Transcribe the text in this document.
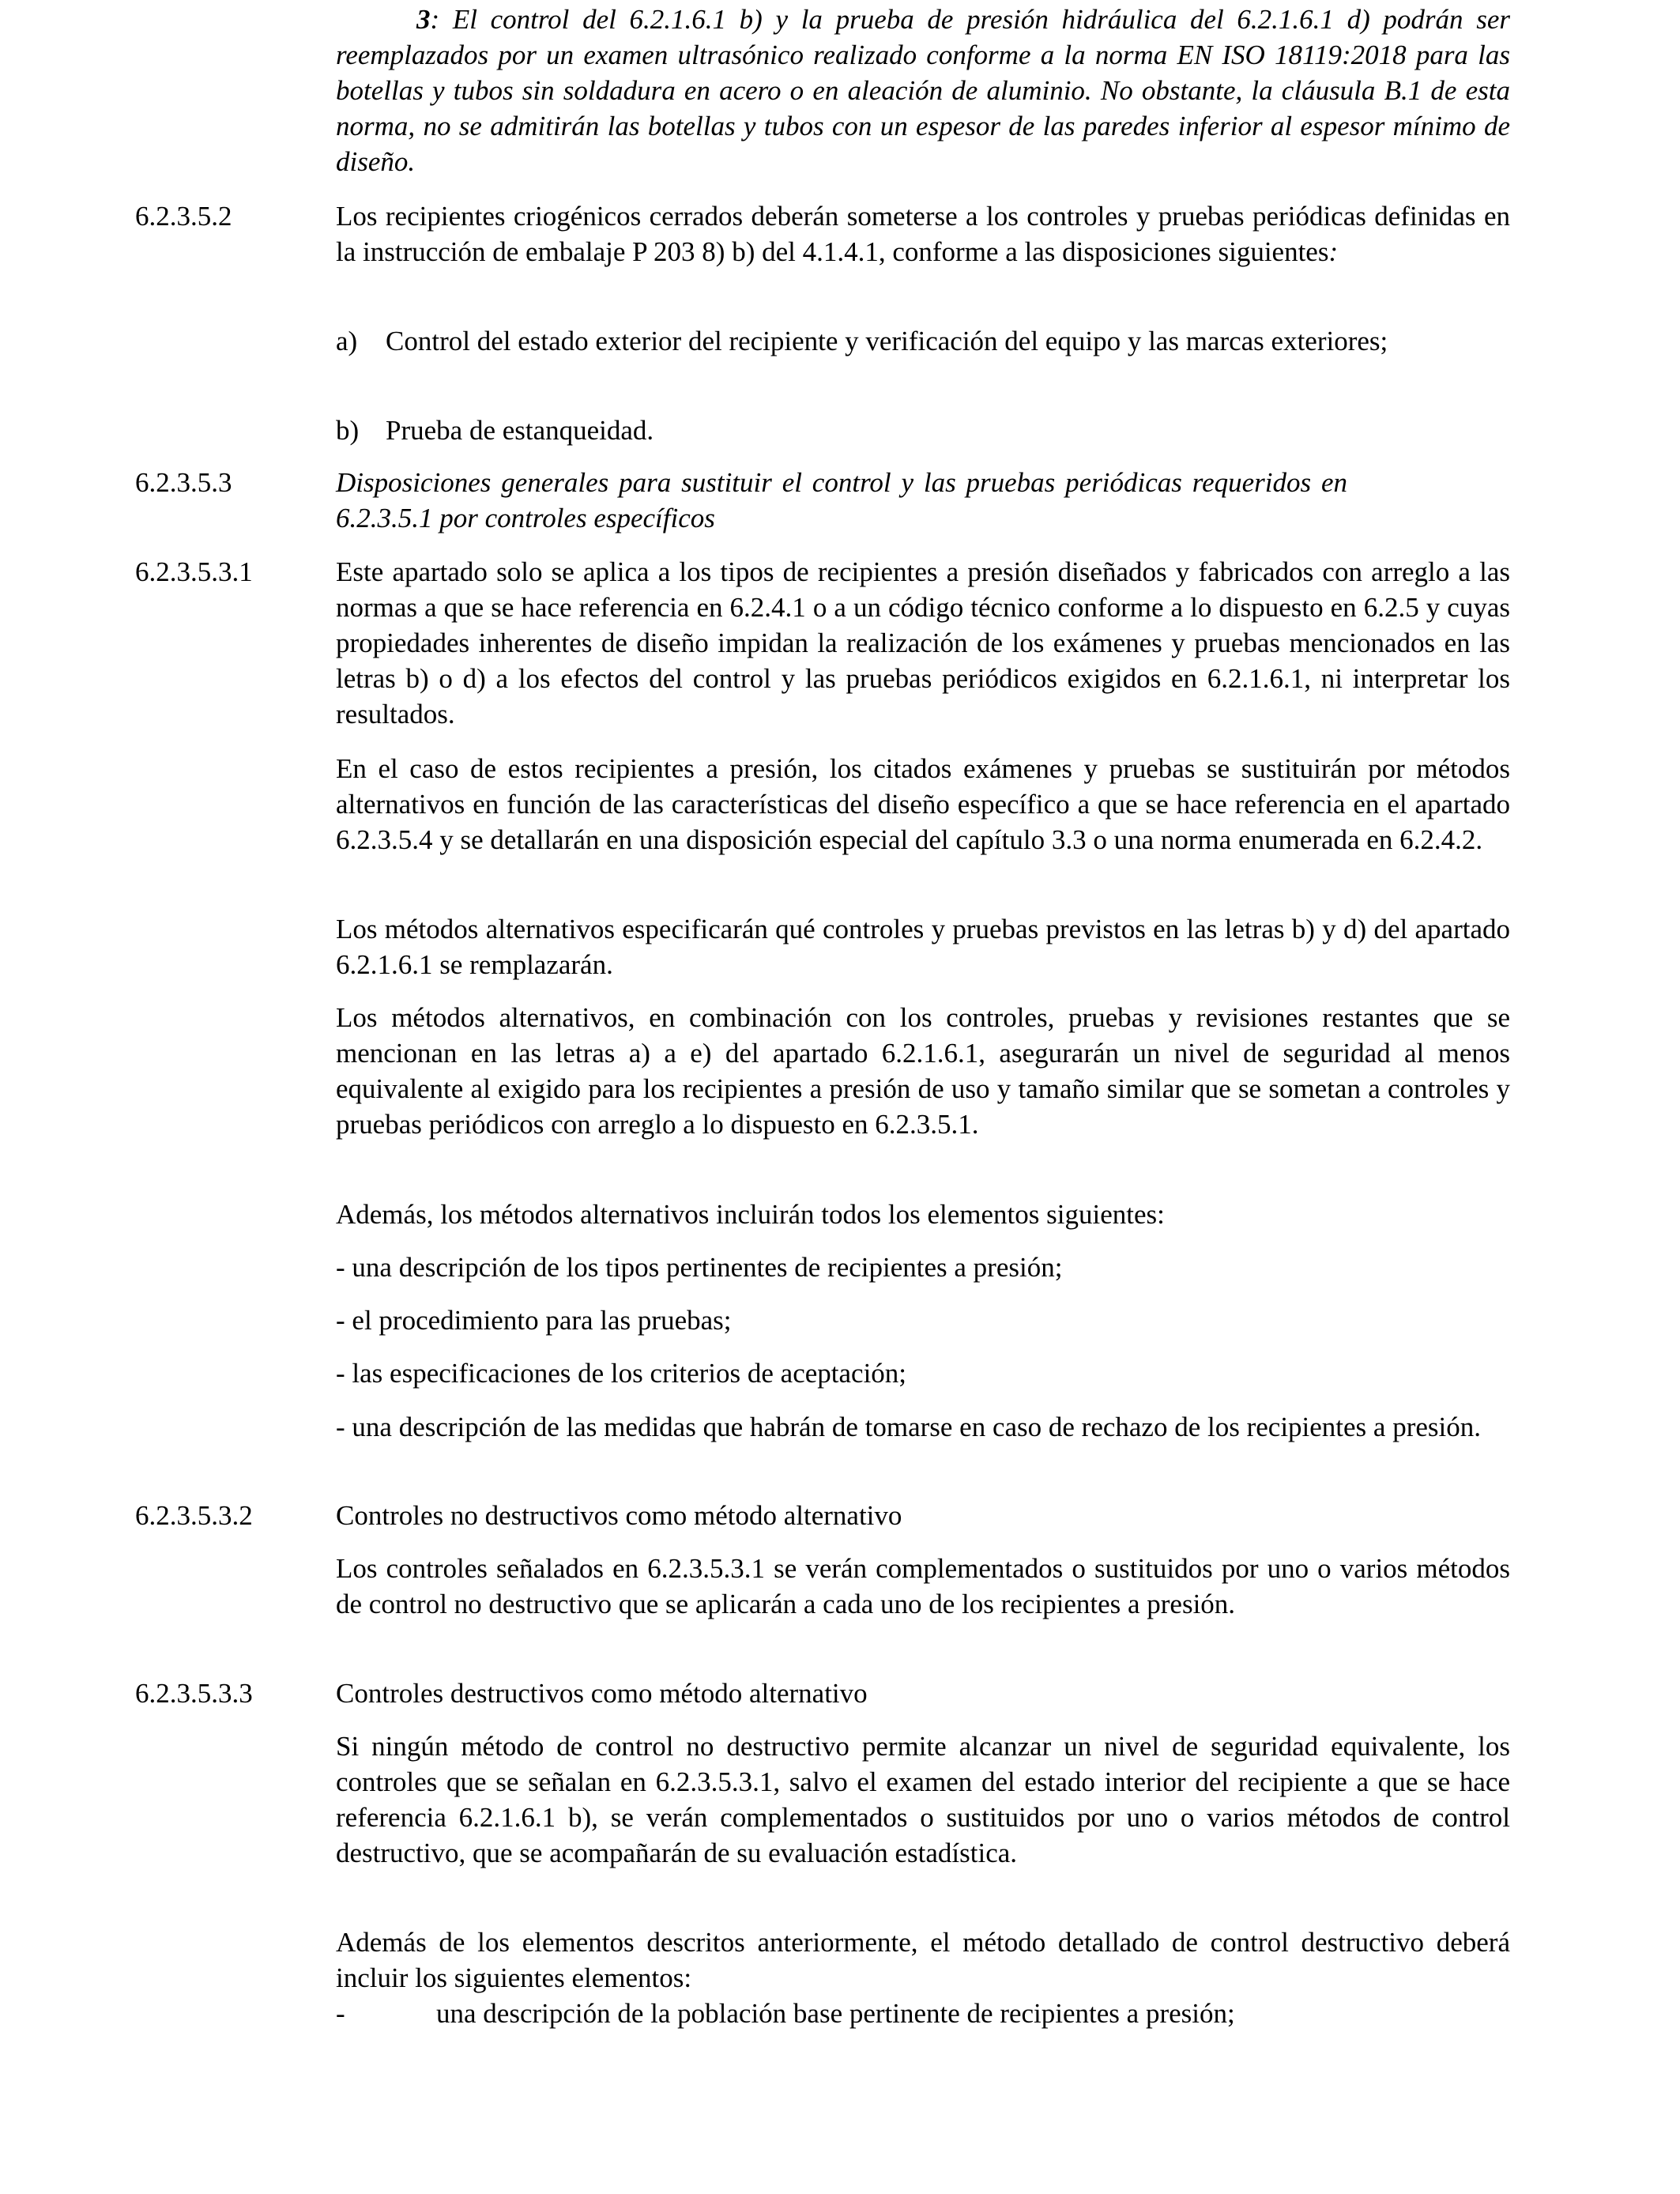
3: El control del 6.2.1.6.1 b) y la prueba de presión hidráulica del 6.2.1.6.1 d) podrán ser reemplazados por un examen ultrasónico realizado conforme a la norma EN ISO 18119:2018 para las botellas y tubos sin soldadura en acero o en aleación de aluminio. No obstante, la cláusula B.1 de esta norma, no se admitirán las botellas y tubos con un espesor de las paredes inferior al espesor mínimo de diseño.

6.2.3.5.2	Los recipientes criogénicos cerrados deberán someterse a los controles y pruebas periódicas definidas en la instrucción de embalaje P 203 8) b) del 4.1.4.1, conforme a las disposiciones siguientes:

a) Control del estado exterior del recipiente y verificación del equipo y las marcas exteriores;

b) Prueba de estanqueidad.

6.2.3.5.3	Disposiciones generales para sustituir el control y las pruebas periódicas requeridos en 6.2.3.5.1 por controles específicos

6.2.3.5.3.1	Este apartado solo se aplica a los tipos de recipientes a presión diseñados y fabricados con arreglo a las normas a que se hace referencia en 6.2.4.1 o a un código técnico conforme a lo dispuesto en 6.2.5 y cuyas propiedades inherentes de diseño impidan la realización de los exámenes y pruebas mencionados en las letras b) o d) a los efectos del control y las pruebas periódicos exigidos en 6.2.1.6.1, ni interpretar los resultados.

En el caso de estos recipientes a presión, los citados exámenes y pruebas se sustituirán por métodos alternativos en función de las características del diseño específico a que se hace referencia en el apartado 6.2.3.5.4 y se detallarán en una disposición especial del capítulo 3.3 o una norma enumerada en 6.2.4.2.

Los métodos alternativos especificarán qué controles y pruebas previstos en las letras b) y d) del apartado 6.2.1.6.1 se remplazarán.

Los métodos alternativos, en combinación con los controles, pruebas y revisiones restantes que se mencionan en las letras a) a e) del apartado 6.2.1.6.1, asegurarán un nivel de seguridad al menos equivalente al exigido para los recipientes a presión de uso y tamaño similar que se sometan a controles y pruebas periódicos con arreglo a lo dispuesto en 6.2.3.5.1.

Además, los métodos alternativos incluirán todos los elementos siguientes:

- una descripción de los tipos pertinentes de recipientes a presión;

- el procedimiento para las pruebas;

- las especificaciones de los criterios de aceptación;

- una descripción de las medidas que habrán de tomarse en caso de rechazo de los recipientes a presión.

6.2.3.5.3.2	Controles no destructivos como método alternativo

Los controles señalados en 6.2.3.5.3.1 se verán complementados o sustituidos por uno o varios métodos de control no destructivo que se aplicarán a cada uno de los recipientes a presión.

6.2.3.5.3.3	Controles destructivos como método alternativo

Si ningún método de control no destructivo permite alcanzar un nivel de seguridad equivalente, los controles que se señalan en 6.2.3.5.3.1, salvo el examen del estado interior del recipiente a que se hace referencia 6.2.1.6.1 b), se verán complementados o sustituidos por uno o varios métodos de control destructivo, que se acompañarán de su evaluación estadística.

Además de los elementos descritos anteriormente, el método detallado de control destructivo deberá incluir los siguientes elementos:

-	una descripción de la población base pertinente de recipientes a presión;
